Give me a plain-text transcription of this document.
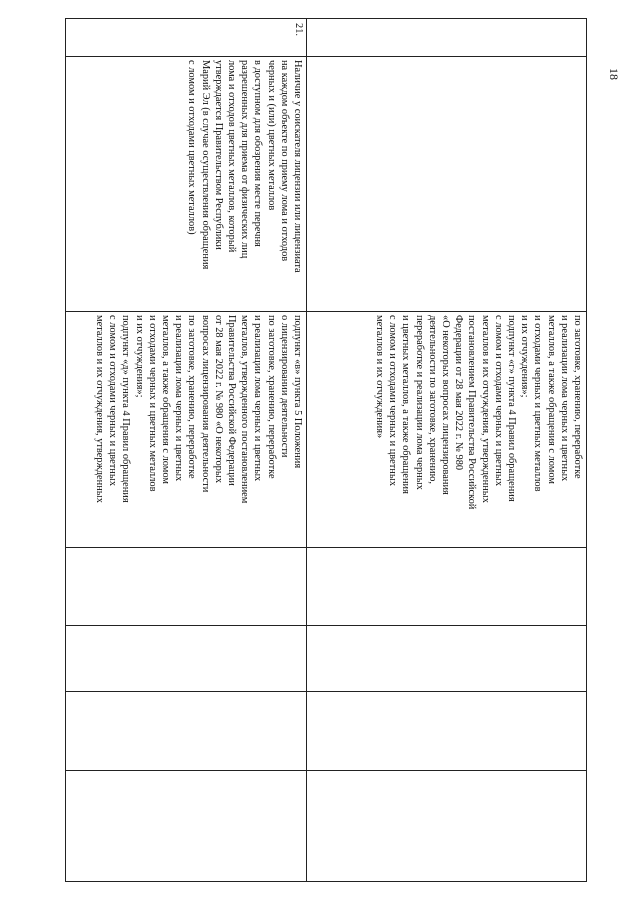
18
по заготовке, хранению, переработке
и реализации лома черных и цветных
металлов, а также обращения с ломом
и отходами черных и цветных металлов
и их отчуждения»;
подпункт «г» пункта 4 Правил обращения
с ломом и отходами черных и цветных
металлов и их отчуждения, утвержденных
постановлением Правительства Российской
Федерации от 28 мая 2022 г. № 980
«О некоторых вопросах лицензирования
деятельности по заготовке, хранению,
переработке и реализации лома черных
и цветных металлов, а также обращения
с ломом и отходами черных и цветных
металлов и их отчуждения»
21.
Наличие у соискателя лицензии или лицензиата
на каждом объекте по приему лома и отходов
черных и (или) цветных металлов
в доступном для обозрения месте перечня
разрешенных для приема от физических лиц
лома и отходов цветных металлов, который
утверждается Правительством Республики
Марий Эл (в случае осуществления обращения
с ломом и отходами цветных металлов)
подпункт «в» пункта 5 Положения
о лицензировании деятельности
по заготовке, хранению, переработке
и реализации лома черных и цветных
металлов, утвержденного постановлением
Правительства Российской Федерации
от 28 мая 2022 г. № 980 «О некоторых
вопросах лицензирования деятельности
по заготовке, хранению, переработке
и реализации лома черных и цветных
металлов, а также обращения с ломом
и отходами черных и цветных металлов
и их отчуждения»;
подпункт «д» пункта 4 Правил обращения
с ломом и отходами черных и цветных
металлов и их отчуждения, утвержденных
